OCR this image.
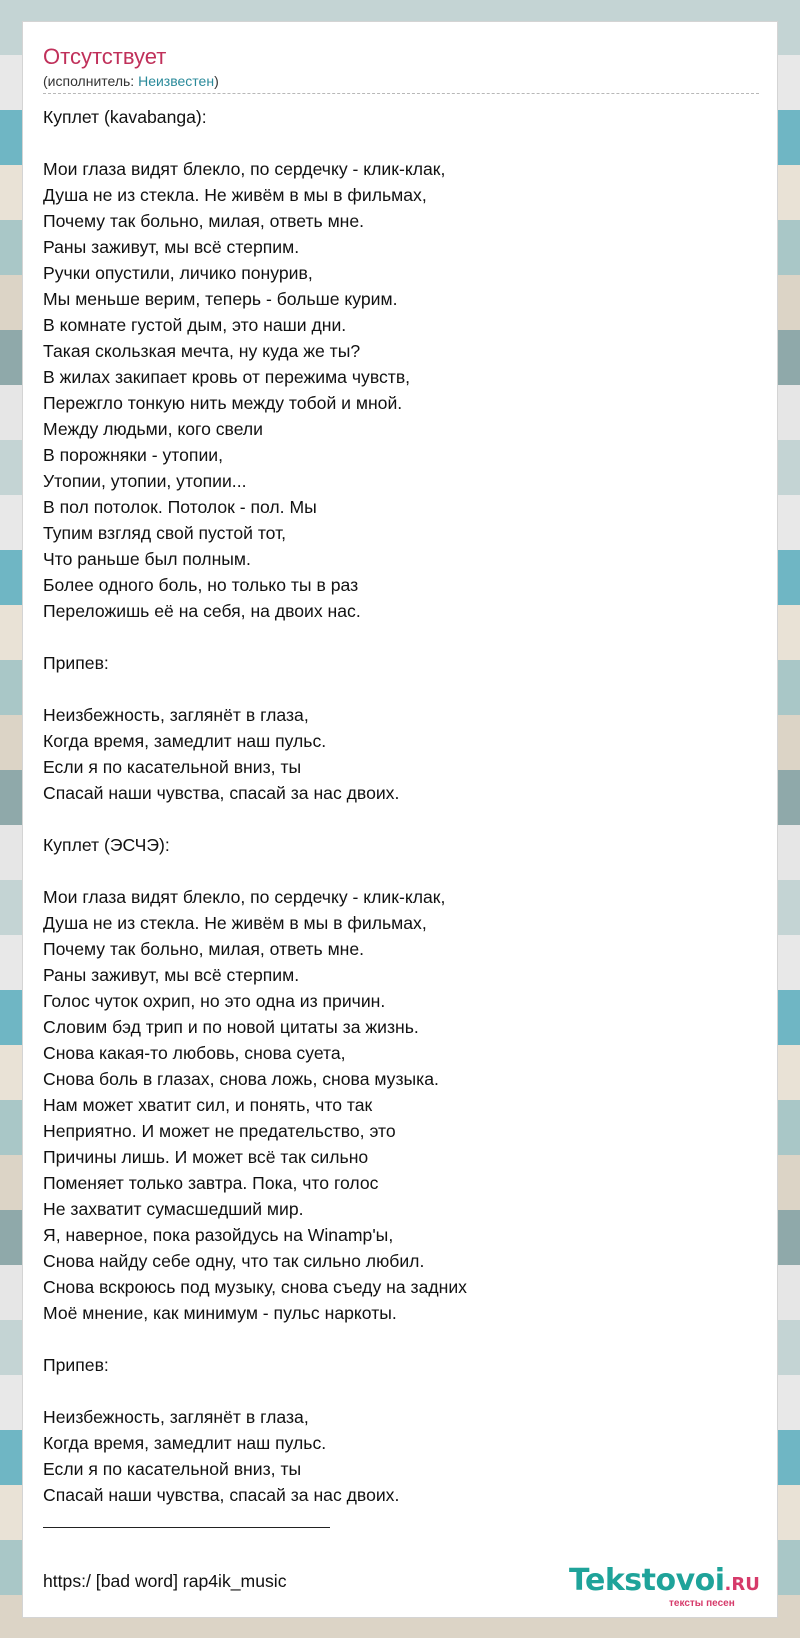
Отсутствует
(исполнитель: Неизвестен)
Куплет (kavabanga):

Мои глаза видят блекло, по сердечку - клик-клак,
Душа не из стекла. Не живём в мы в фильмах,
Почему так больно, милая, ответь мне.
Раны заживут, мы всё стерпим.
Ручки опустили, личико понурив,
Мы меньше верим, теперь - больше курим.
В комнате густой дым, это наши дни.
Такая скользкая мечта, ну куда же ты?
В жилах закипает кровь от пережима чувств,
Пережгло тонкую нить между тобой и мной.
Между людьми, кого свели
В порожняки - утопии,
Утопии, утопии, утопии...
В пол потолок. Потолок - пол. Мы
Тупим взгляд свой пустой тот,
Что раньше был полным.
Более одного боль, но только ты в раз
Переложишь её на себя, на двоих нас.

Припев:

Неизбежность, заглянёт в глаза,
Когда время, замедлит наш пульс.
Если я по касательной вниз, ты
Спасай наши чувства, спасай за нас двоих.

Куплет (ЭСЧЭ):

Мои глаза видят блекло, по сердечку - клик-клак,
Душа не из стекла. Не живём в мы в фильмах,
Почему так больно, милая, ответь мне.
Раны заживут, мы всё стерпим.
Голос чуток охрип, но это одна из причин.
Словим бэд трип и по новой цитаты за жизнь.
Снова какая-то любовь, снова суета,
Снова боль в глазах, снова ложь, снова музыка.
Нам может хватит сил, и понять, что так
Неприятно. И может не предательство, это
Причины лишь. И может всё так сильно
Поменяет только завтра. Пока, что голос
Не захватит сумасшедший мир.
Я, наверное, пока разойдусь на Winamp'ы,
Снова найду себе одну, что так сильно любил.
Снова вскроюсь под музыку, снова съеду на задних
Моё мнение, как минимум - пульс наркоты.

Припев:

Неизбежность, заглянёт в глаза,
Когда время, замедлит наш пульс.
Если я по касательной вниз, ты
Спасай наши чувства, спасай за нас двоих.
https:/ [bad word] rap4ik_music	Tekstovoi.RU
тексты песен
